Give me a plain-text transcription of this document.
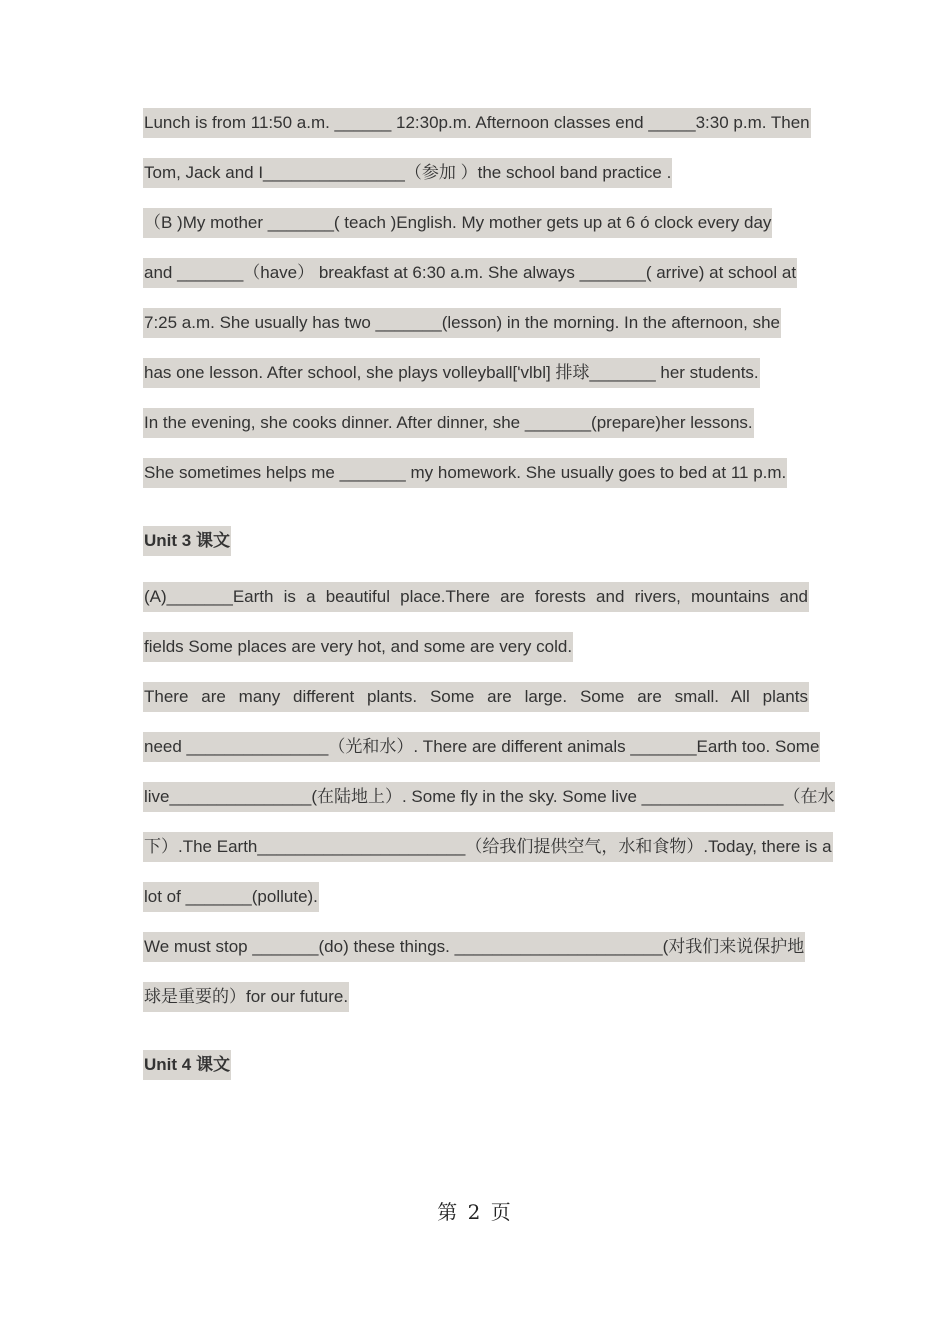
Lunch is from 11:50 a.m. ______ 12:30p.m. Afternoon classes end _____3:30 p.m. Then
Tom, Jack and I_______________（参加 ）the school band practice .
（B )My mother _______( teach )English. My mother gets up at 6 ó clock every day
and _______（have） breakfast at 6:30 a.m. She always _______( arrive) at school at
7:25 a.m. She usually has two _______(lesson) in the morning. In the afternoon, she
has one lesson. After school, she plays volleyball['vlbl] 排球_______ her students.
In the evening, she cooks dinner. After dinner, she _______(prepare)her lessons.
She sometimes helps me _______ my homework. She usually goes to bed at 11 p.m.
Unit 3 课文
(A)_______Earth is a beautiful place.There are forests and rivers, mountains and
fields Some places are very hot, and some are very cold.
There are many different plants. Some are large. Some are small. All plants
need _______________（光和水）. There are different animals _______Earth too. Some
live_______________(在陆地上）. Some fly in the sky. Some live _______________（在水
下）.The Earth______________________（给我们提供空气，水和食物）.Today, there is a
lot of _______(pollute).
We must stop _______(do) these things. ______________________(对我们来说保护地
球是重要的）for our future.
Unit 4 课文
第 2 页
